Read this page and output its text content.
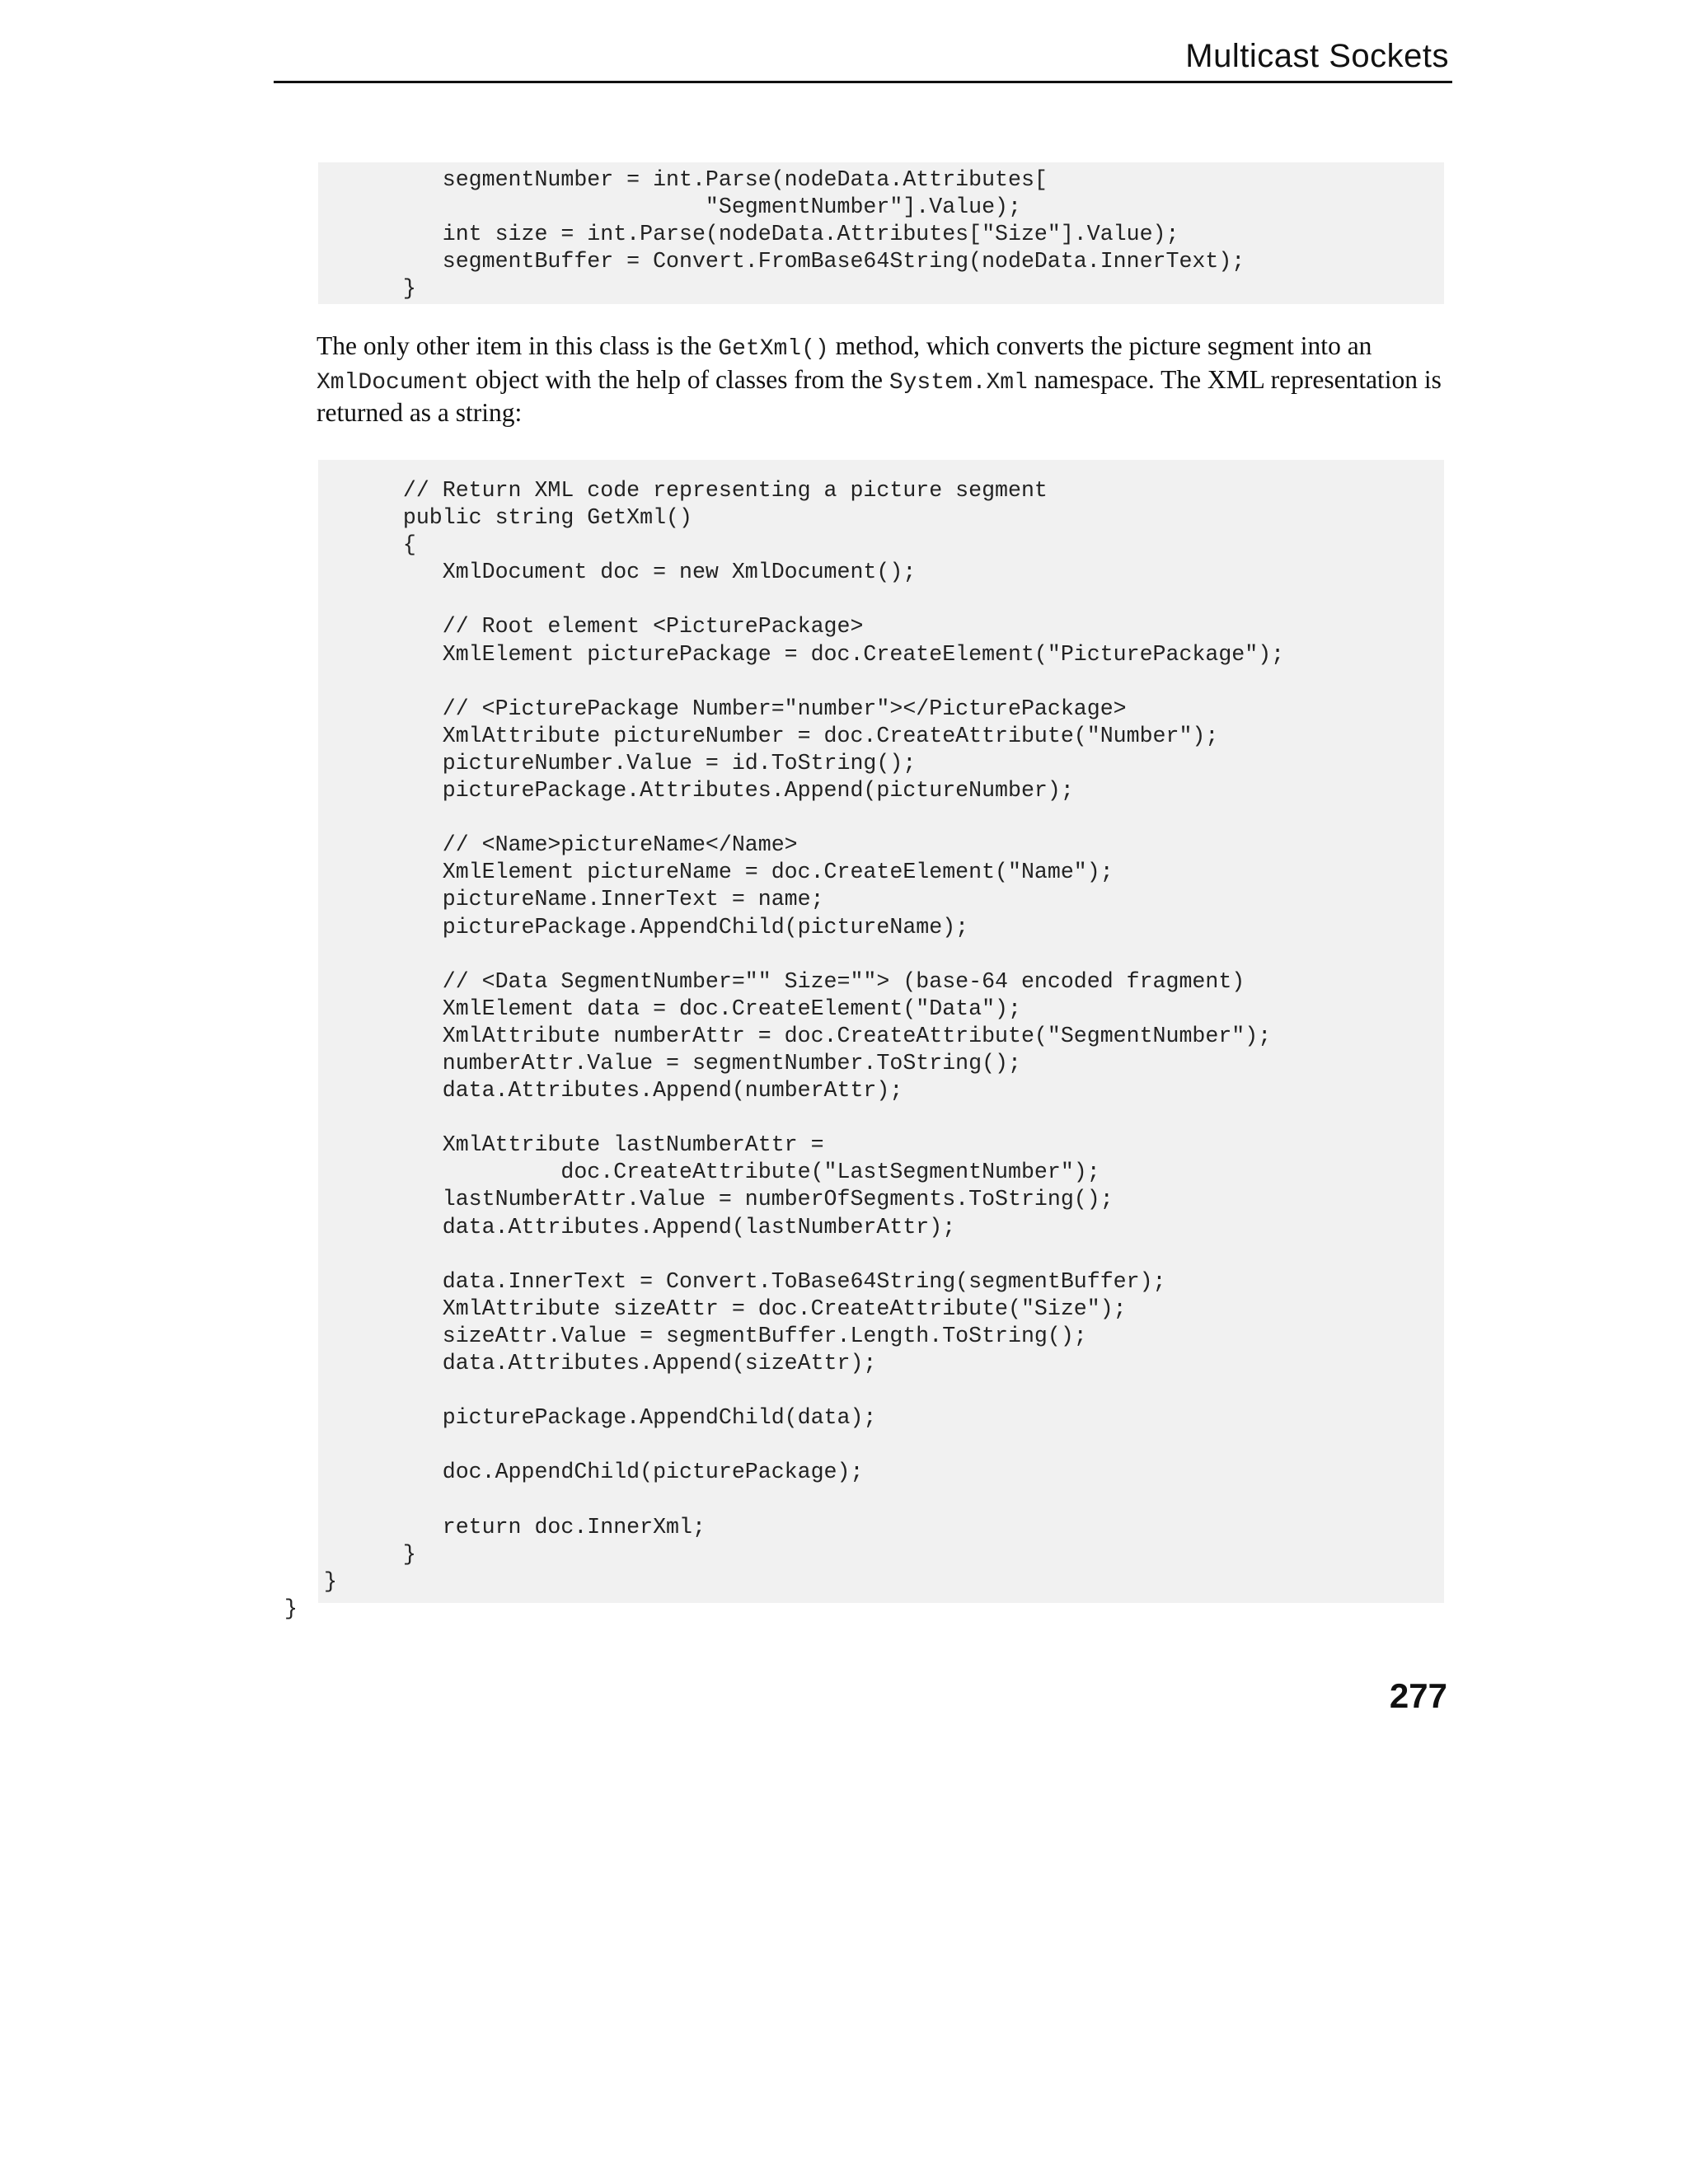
Multicast Sockets
segmentNumber = int.Parse(nodeData.Attributes[
"SegmentNumber"].Value);
int size = int.Parse(nodeData.Attributes["Size"].Value);
segmentBuffer = Convert.FromBase64String(nodeData.InnerText);
}

The only other item in this class is the GetXml() method, which converts the picture segment into an XmlDocument object with the help of classes from the System.Xml namespace. The XML representation is returned as a string:

// Return XML code representing a picture segment
public string GetXml()
{
XmlDocument doc = new XmlDocument();
// Root element <PicturePackage>
XmlElement picturePackage = doc.CreateElement("PicturePackage");
// <PicturePackage Number="number"></PicturePackage>
XmlAttribute pictureNumber = doc.CreateAttribute("Number");
pictureNumber.Value = id.ToString();
picturePackage.Attributes.Append(pictureNumber);
// <Name>pictureName</Name>
XmlElement pictureName = doc.CreateElement("Name");
pictureName.InnerText = name;
picturePackage.AppendChild(pictureName);
// <Data SegmentNumber="" Size=""> (base-64 encoded fragment)
XmlElement data = doc.CreateElement("Data");
XmlAttribute numberAttr = doc.CreateAttribute("SegmentNumber");
numberAttr.Value = segmentNumber.ToString();
data.Attributes.Append(numberAttr);
XmlAttribute lastNumberAttr =
doc.CreateAttribute("LastSegmentNumber");
lastNumberAttr.Value = numberOfSegments.ToString();
data.Attributes.Append(lastNumberAttr);
data.InnerText = Convert.ToBase64String(segmentBuffer);
XmlAttribute sizeAttr = doc.CreateAttribute("Size");
sizeAttr.Value = segmentBuffer.Length.ToString();
data.Attributes.Append(sizeAttr);
picturePackage.AppendChild(data);
doc.AppendChild(picturePackage);
return doc.InnerXml;
}
}
}
277
